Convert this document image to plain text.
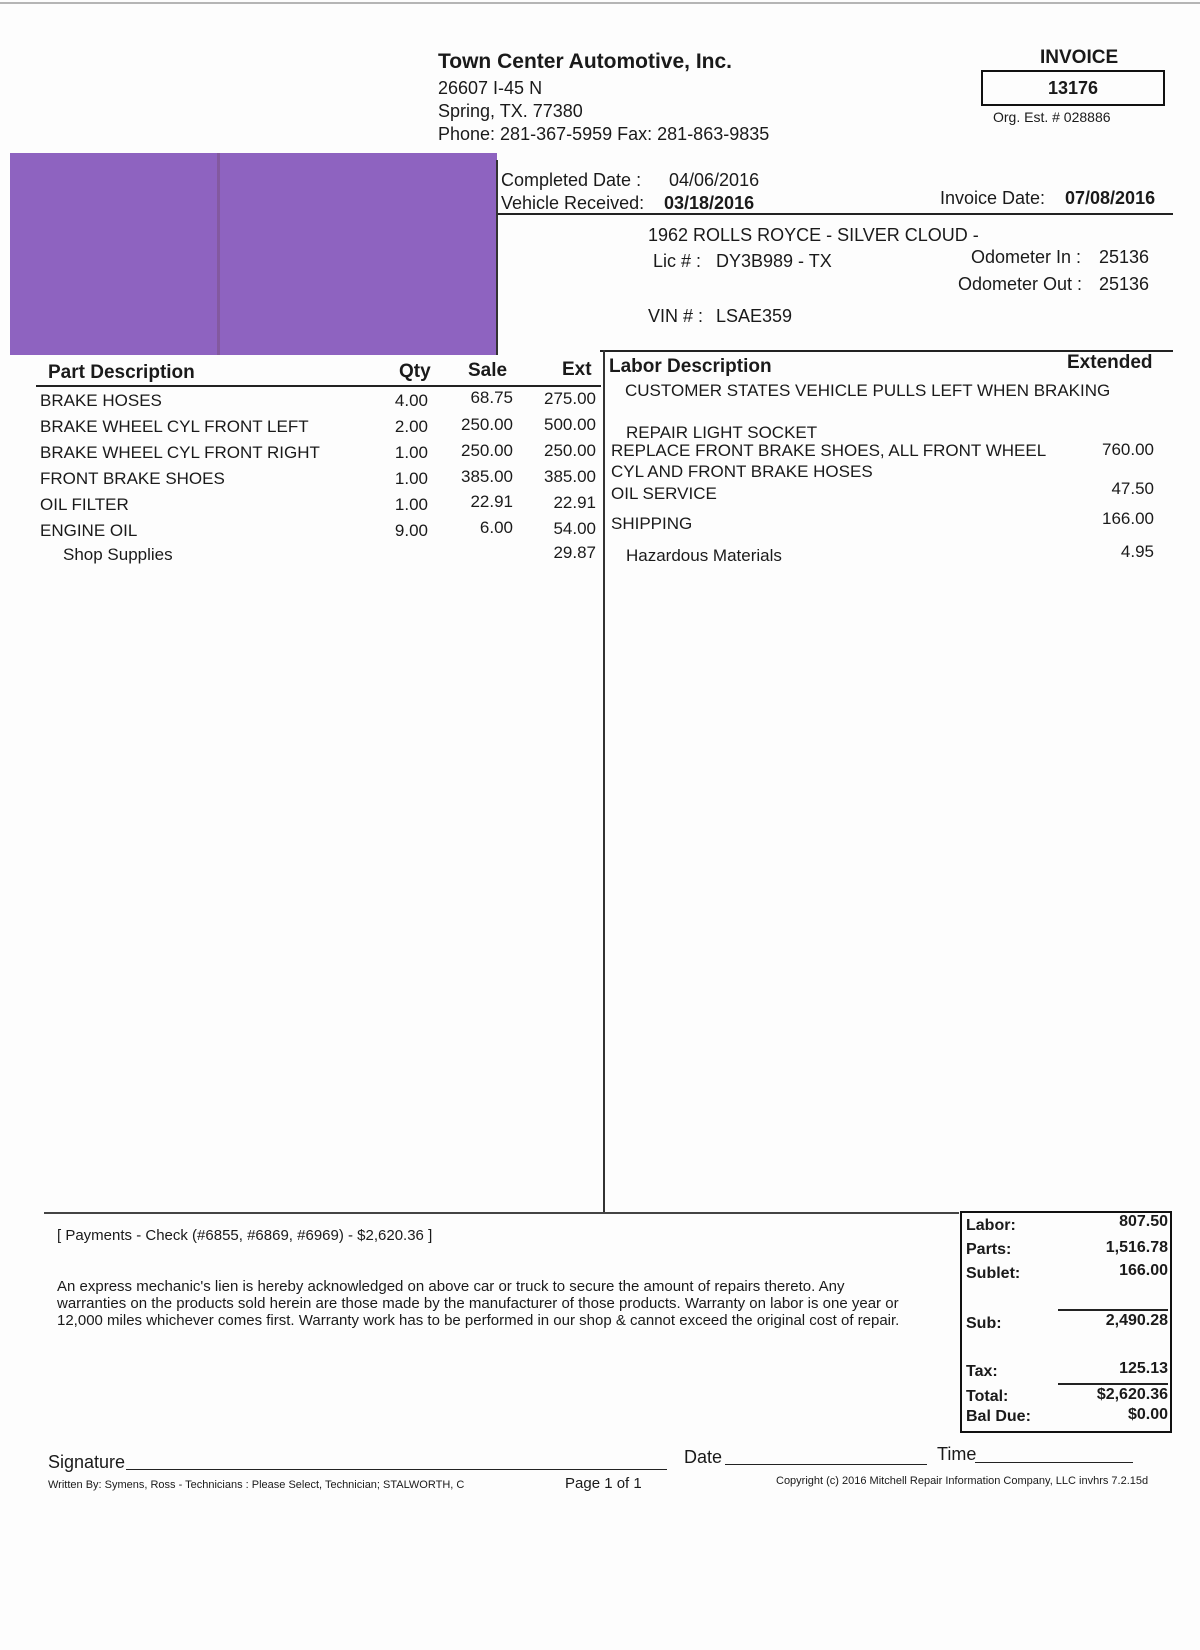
Town Center Automotive, Inc.
26607 I-45 N
Spring, TX. 77380
Phone: 281-367-5959 Fax: 281-863-9835
INVOICE
13176
Org. Est. # 028886
Completed Date : 04/06/2016
Vehicle Received: 03/18/2016	Invoice Date: 07/08/2016
1962 ROLLS ROYCE - SILVER CLOUD -
Lic # : DY3B989 - TX	Odometer In : 25136
Odometer Out : 25136
VIN # : LSAE359
Part Description	Qty Sale	Ext
BRAKE HOSES	4.00	68.75	275.00
BRAKE WHEEL CYL FRONT LEFT	2.00	250.00	500.00
BRAKE WHEEL CYL FRONT RIGHT	1.00	250.00	250.00
FRONT BRAKE SHOES	1.00	385.00	385.00
OIL FILTER	1.00	22.91	22.91
ENGINE OIL	9.00	6.00	54.00
Shop Supplies	29.87
Labor Description	Extended
CUSTOMER STATES VEHICLE PULLS LEFT WHEN BRAKING
REPAIR LIGHT SOCKET
REPLACE FRONT BRAKE SHOES, ALL FRONT WHEEL	760.00
CYL AND FRONT BRAKE HOSES
OIL SERVICE	47.50
SHIPPING	166.00
Hazardous Materials	4.95
[ Payments - Check (#6855, #6869, #6969) - $2,620.36 ]
An express mechanic's lien is hereby acknowledged on above car or truck to secure the amount of repairs thereto. Any
warranties on the products sold herein are those made by the manufacturer of those products. Warranty on labor is one year or
12,000 miles whichever comes first. Warranty work has to be performed in our shop & cannot exceed the original cost of repair.
Labor:	807.50
Parts:	1,516.78
Sublet:	166.00
Sub:	2,490.28
Tax:	125.13
Total:	$2,620.36
Bal Due:	$0.00
Signature	Date	Time
Written By: Symens, Ross - Technicians : Please Select, Technician; STALWORTH, C	Page 1 of 1	Copyright (c) 2016 Mitchell Repair Information Company, LLC invhrs 7.2.15d
